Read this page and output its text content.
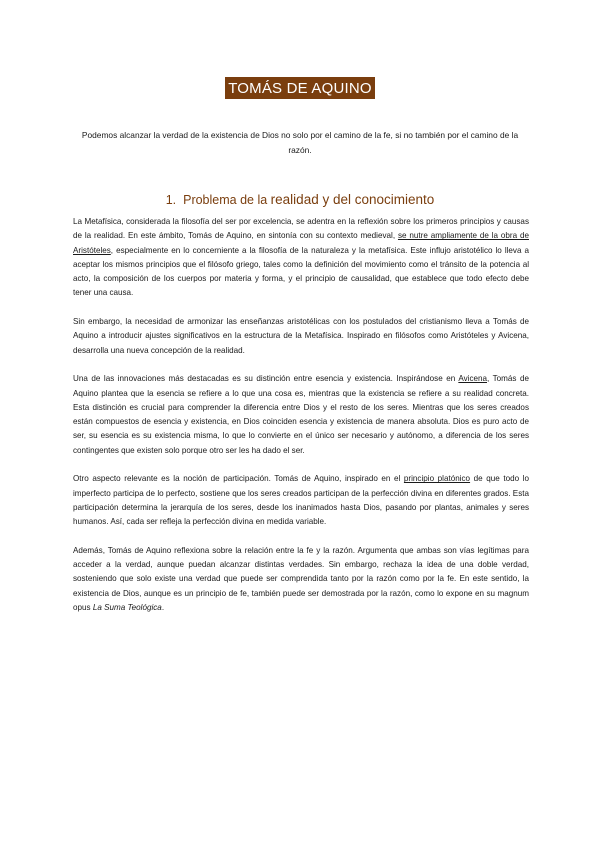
TOMÁS DE AQUINO
Podemos alcanzar la verdad de la existencia de Dios no solo por el camino de la fe, si no también por el camino de la razón.
1. Problema de la realidad y del conocimiento

La Metafísica, considerada la filosofía del ser por excelencia, se adentra en la reflexión sobre los primeros principios y causas de la realidad. En este ámbito, Tomás de Aquino, en sintonía con su contexto medieval, se nutre ampliamente de la obra de Aristóteles, especialmente en lo concerniente a la filosofía de la naturaleza y la metafísica. Este influjo aristotélico lo lleva a aceptar los mismos principios que el filósofo griego, tales como la definición del movimiento como el tránsito de la potencia al acto, la composición de los cuerpos por materia y forma, y el principio de causalidad, que establece que todo efecto debe tener una causa.

Sin embargo, la necesidad de armonizar las enseñanzas aristotélicas con los postulados del cristianismo lleva a Tomás de Aquino a introducir ajustes significativos en la estructura de la Metafísica. Inspirado en filósofos como Aristóteles y Avicena, desarrolla una nueva concepción de la realidad.

Una de las innovaciones más destacadas es su distinción entre esencia y existencia. Inspirándose en Avicena, Tomás de Aquino plantea que la esencia se refiere a lo que una cosa es, mientras que la existencia se refiere a su realidad concreta. Esta distinción es crucial para comprender la diferencia entre Dios y el resto de los seres. Mientras que los seres creados están compuestos de esencia y existencia, en Dios coinciden esencia y existencia de manera absoluta. Dios es puro acto de ser, su esencia es su existencia misma, lo que lo convierte en el único ser necesario y autónomo, a diferencia de los seres contingentes que existen solo porque otro ser les ha dado el ser.

Otro aspecto relevante es la noción de participación. Tomás de Aquino, inspirado en el principio platónico de que todo lo imperfecto participa de lo perfecto, sostiene que los seres creados participan de la perfección divina en diferentes grados. Esta participación determina la jerarquía de los seres, desde los inanimados hasta Dios, pasando por plantas, animales y seres humanos. Así, cada ser refleja la perfección divina en medida variable.

Además, Tomás de Aquino reflexiona sobre la relación entre la fe y la razón. Argumenta que ambas son vías legítimas para acceder a la verdad, aunque puedan alcanzar distintas verdades. Sin embargo, rechaza la idea de una doble verdad, sosteniendo que solo existe una verdad que puede ser comprendida tanto por la razón como por la fe. En este sentido, la existencia de Dios, aunque es un principio de fe, también puede ser demostrada por la razón, como lo expone en su magnum opus La Suma Teológica.
